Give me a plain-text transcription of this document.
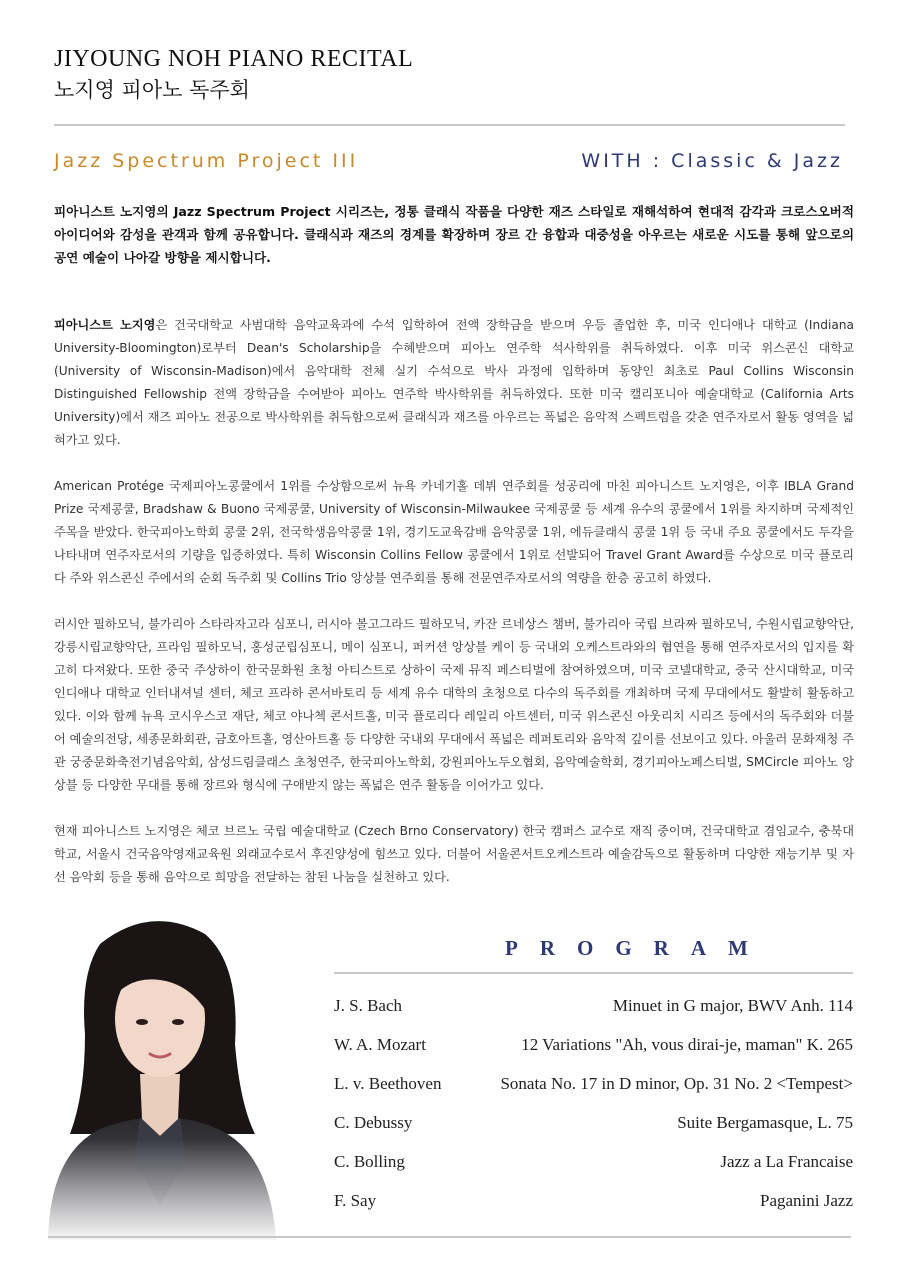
JIYOUNG NOH PIANO RECITAL
노지영 피아노 독주회
Jazz Spectrum Project III	WITH : Classic & Jazz
피아니스트 노지영의 Jazz Spectrum Project 시리즈는, 정통 클래식 작품을 다양한 재즈 스타일로 재해석하여 현대적 감각과 크로스오버적 아이디어와 감성을 관객과 함께 공유합니다. 클래식과 재즈의 경계를 확장하며 장르 간 융합과 대중성을 아우르는 새로운 시도를 통해 앞으로의 공연 예술이 나아갈 방향을 제시합니다.

피아니스트 노지영은 건국대학교 사범대학 음악교육과에 수석 입학하여 전액 장학금을 받으며 우등 졸업한 후, 미국 인디애나 대학교 (Indiana University-Bloomington)로부터 Dean's Scholarship을 수혜받으며 피아노 연주학 석사학위를 취득하였다. 이후 미국 위스콘신 대학교 (University of Wisconsin-Madison)에서 음악대학 전체 실기 수석으로 박사 과정에 입학하며 동양인 최초로 Paul Collins Wisconsin Distinguished Fellowship 전액 장학금을 수여받아 피아노 연주학 박사학위를 취득하였다. 또한 미국 캘리포니아 예술대학교 (California Arts University)에서 재즈 피아노 전공으로 박사학위를 취득함으로써 클래식과 재즈를 아우르는 폭넓은 음악적 스펙트럼을 갖춘 연주자로서 활동 영역을 넓혀가고 있다.

American Protége 국제피아노콩쿨에서 1위를 수상함으로써 뉴욕 카네기홀 데뷔 연주회를 성공리에 마친 피아니스트 노지영은, 이후 IBLA Grand Prize 국제콩쿨, Bradshaw & Buono 국제콩쿨, University of Wisconsin-Milwaukee 국제콩쿨 등 세계 유수의 콩쿨에서 1위를 차지하며 국제적인 주목을 받았다. 한국피아노학회 콩쿨 2위, 전국학생음악콩쿨 1위, 경기도교육감배 음악콩쿨 1위, 에듀클래식 콩쿨 1위 등 국내 주요 콩쿨에서도 두각을 나타내며 연주자로서의 기량을 입증하였다. 특히 Wisconsin Collins Fellow 콩쿨에서 1위로 선발되어 Travel Grant Award를 수상으로 미국 플로리다 주와 위스콘신 주에서의 순회 독주회 및 Collins Trio 앙상블 연주회를 통해 전문연주자로서의 역량을 한층 공고히 하였다.

러시안 필하모닉, 불가리아 스타라자고라 심포니, 러시아 볼고그라드 필하모닉, 카잔 르네상스 챔버, 불가리아 국립 브라짜 필하모닉, 수원시립교향악단, 강릉시립교향악단, 프라임 필하모닉, 홍성군립심포니, 메이 심포니, 퍼커션 앙상블 케이 등 국내외 오케스트라와의 협연을 통해 연주자로서의 입지를 확고히 다져왔다. 또한 중국 주상하이 한국문화원 초청 아티스트로 상하이 국제 뮤직 페스티벌에 참여하였으며, 미국 코넬대학교, 중국 산시대학교, 미국 인디애나 대학교 인터내셔널 센터, 체코 프라하 콘서바토리 등 세계 유수 대학의 초청으로 다수의 독주회를 개최하며 국제 무대에서도 활발히 활동하고 있다. 이와 함께 뉴욕 코시우스코 재단, 체코 야나첵 콘서트홀, 미국 플로리다 레일리 아트센터, 미국 위스콘신 아웃리치 시리즈 등에서의 독주회와 더불어 예술의전당, 세종문화회관, 금호아트홀, 영산아트홀 등 다양한 국내외 무대에서 폭넓은 레퍼토리와 음악적 깊이를 선보이고 있다. 아울러 문화재청 주관 궁중문화축전기념음악회, 삼성드림클래스 초청연주, 한국피아노학회, 강원피아노두오협회, 음악예술학회, 경기피아노페스티벌, SMCircle 피아노 앙상블 등 다양한 무대를 통해 장르와 형식에 구애받지 않는 폭넓은 연주 활동을 이어가고 있다.

현재 피아니스트 노지영은 체코 브르노 국립 예술대학교 (Czech Brno Conservatory) 한국 캠퍼스 교수로 재직 중이며, 건국대학교 겸임교수, 충북대학교, 서울시 건국음악영재교육원 외래교수로서 후진양성에 힘쓰고 있다. 더불어 서울콘서트오케스트라 예술감독으로 활동하며 다양한 재능기부 및 자선 음악회 등을 통해 음악으로 희망을 전달하는 참된 나눔을 실천하고 있다.

PROGRAM
J. S. Bach	Minuet in G major, BWV Anh. 114
W. A. Mozart	12 Variations "Ah, vous dirai-je, maman" K. 265
L. v. Beethoven	Sonata No. 17 in D minor, Op. 31 No. 2 <Tempest>
C. Debussy	Suite Bergamasque, L. 75
C. Bolling	Jazz a La Francaise
F. Say	Paganini Jazz
